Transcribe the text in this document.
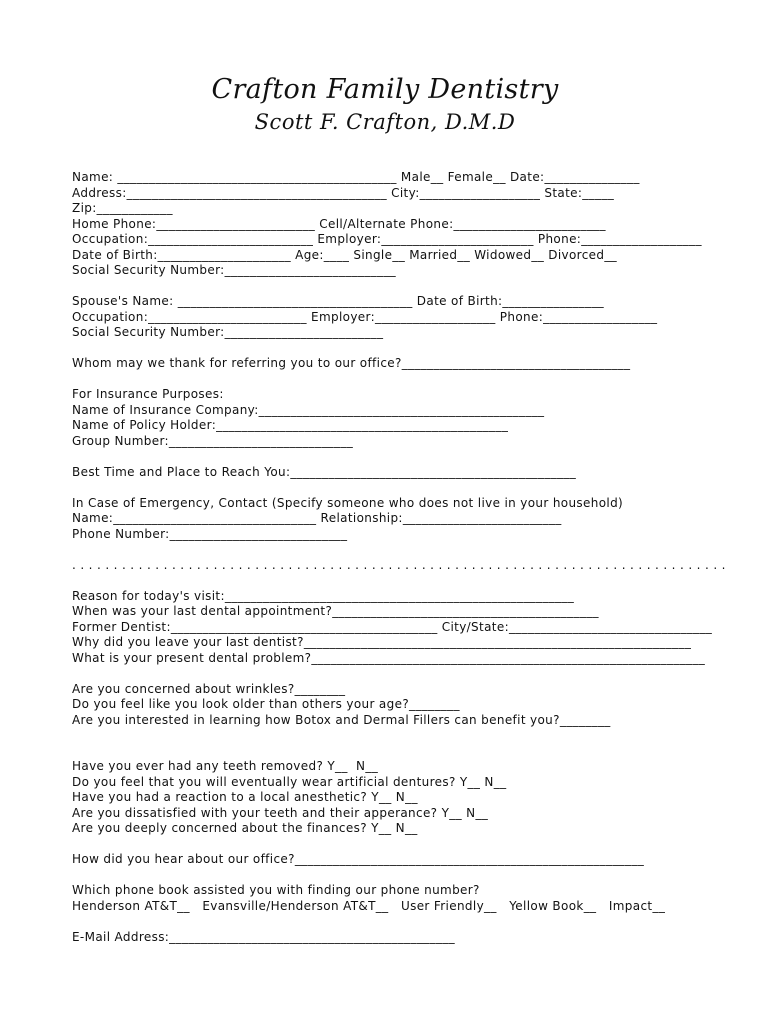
Crafton Family Dentistry
Scott F. Crafton, D.M.D
Name: ____________________________________________ Male__ Female__ Date:_______________
Address:_________________________________________ City:___________________ State:_____
Zip:____________
Home Phone:_________________________ Cell/Alternate Phone:________________________
Occupation:__________________________ Employer:________________________ Phone:___________________
Date of Birth:_____________________ Age:____ Single__ Married__ Widowed__ Divorced__
Social Security Number:___________________________
Spouse's Name: _____________________________________ Date of Birth:________________
Occupation:_________________________ Employer:___________________ Phone:__________________
Social Security Number:_________________________
Whom may we thank for referring you to our office?____________________________________
For Insurance Purposes:
Name of Insurance Company:_____________________________________________
Name of Policy Holder:______________________________________________
Group Number:_____________________________
Best Time and Place to Reach You:_____________________________________________
In Case of Emergency, Contact (Specify someone who does not live in your household)
Name:________________________________ Relationship:_________________________
Phone Number:____________________________
. . . . . . . . . . . . . . . . . . . . . . . . . . . . . . . . . . . . . . . . . . . . . . . . . . . . . . . . . . . . . . . . . . . . . . . . . . . . . . .
Reason for today's visit:_______________________________________________________
When was your last dental appointment?__________________________________________
Former Dentist:__________________________________________ City/State:________________________________
Why did you leave your last dentist?_____________________________________________________________
What is your present dental problem?______________________________________________________________
Are you concerned about wrinkles?________
Do you feel like you look older than others your age?________
Are you interested in learning how Botox and Dermal Fillers can benefit you?________
Have you ever had any teeth removed? Y__  N__
Do you feel that you will eventually wear artificial dentures? Y__ N__
Have you had a reaction to a local anesthetic? Y__ N__
Are you dissatisfied with your teeth and their apperance? Y__ N__
Are you deeply concerned about the finances? Y__ N__
How did you hear about our office?_______________________________________________________
Which phone book assisted you with finding our phone number?
Henderson AT&T__   Evansville/Henderson AT&T__   User Friendly__   Yellow Book__   Impact__
E-Mail Address:_____________________________________________
